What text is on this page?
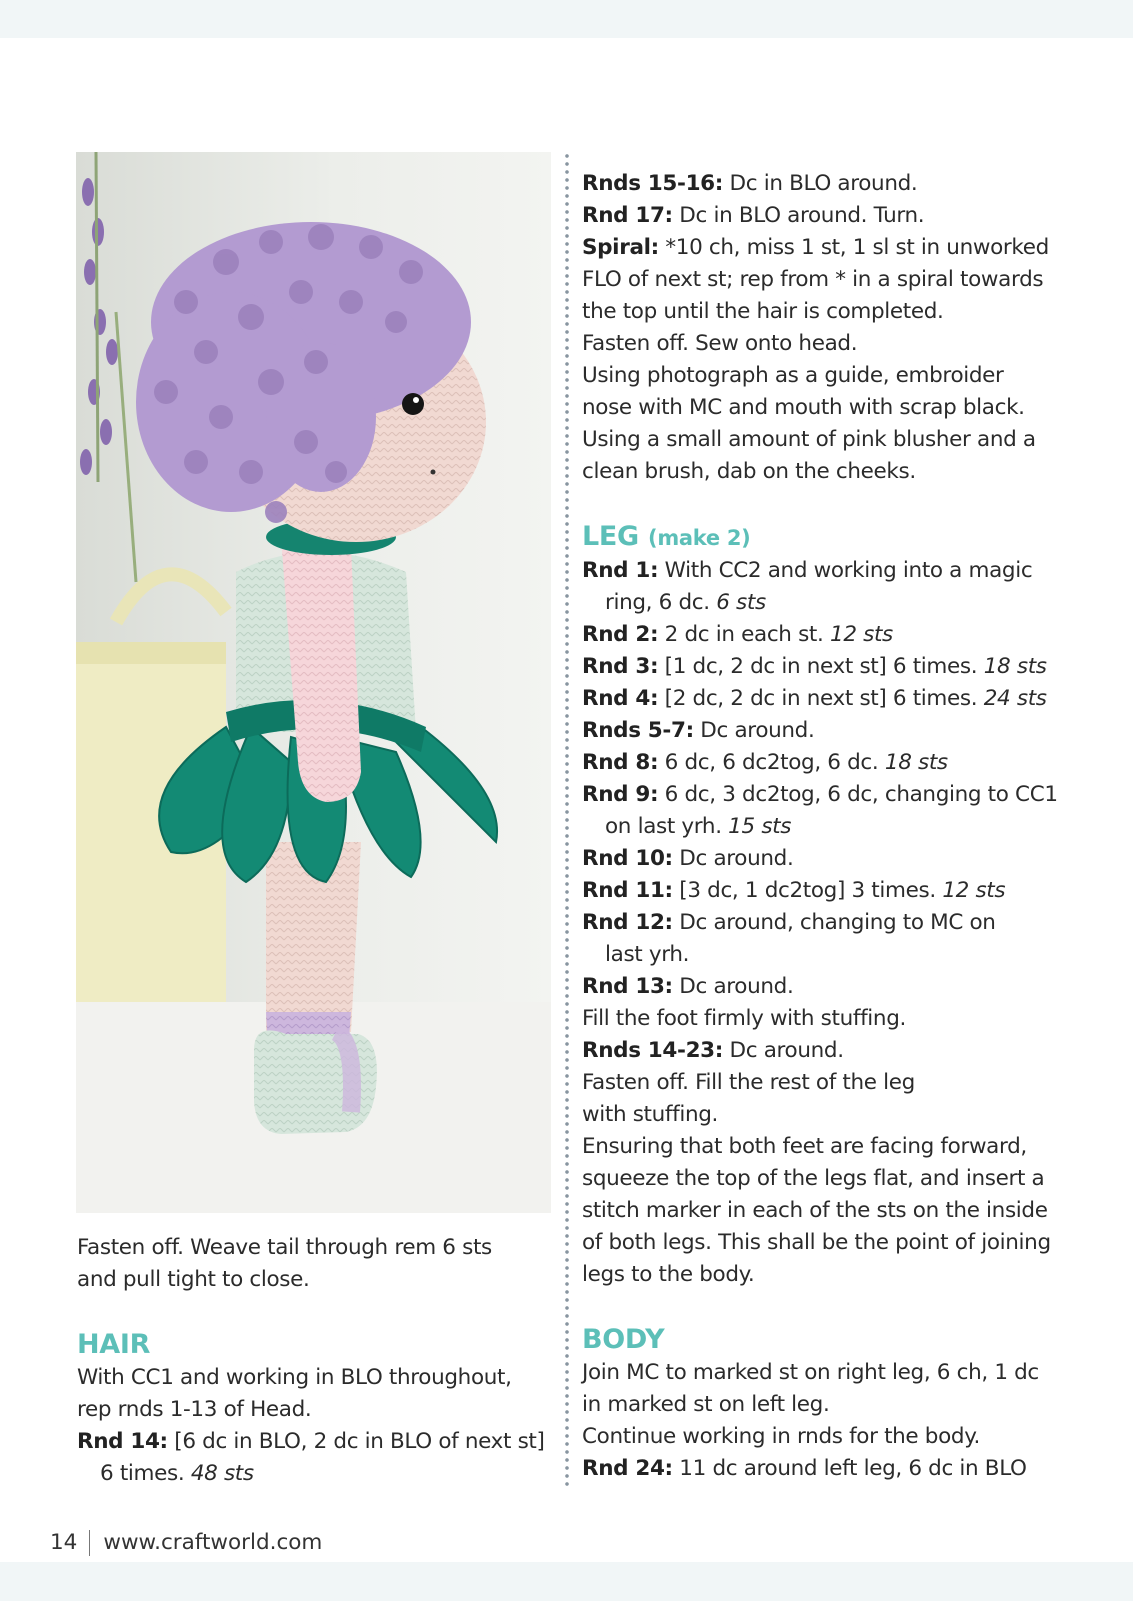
Fasten off. Weave tail through rem 6 sts

and pull tight to close.

HAIR

With CC1 and working in BLO throughout,

rep rnds 1-13 of Head.

Rnd 14: [6 dc in BLO, 2 dc in BLO of next st]

6 times. 48 sts

Rnds 15-16: Dc in BLO around.

Rnd 17: Dc in BLO around. Turn.

Spiral: *10 ch, miss 1 st, 1 sl st in unworked

FLO of next st; rep from * in a spiral towards

the top until the hair is completed.

Fasten off. Sew onto head.

Using photograph as a guide, embroider

nose with MC and mouth with scrap black.

Using a small amount of pink blusher and a

clean brush, dab on the cheeks.

LEG (make 2)

Rnd 1: With CC2 and working into a magic

ring, 6 dc. 6 sts

Rnd 2: 2 dc in each st. 12 sts

Rnd 3: [1 dc, 2 dc in next st] 6 times. 18 sts

Rnd 4: [2 dc, 2 dc in next st] 6 times. 24 sts

Rnds 5-7: Dc around.

Rnd 8: 6 dc, 6 dc2tog, 6 dc. 18 sts

Rnd 9: 6 dc, 3 dc2tog, 6 dc, changing to CC1

on last yrh. 15 sts

Rnd 10: Dc around.

Rnd 11: [3 dc, 1 dc2tog] 3 times. 12 sts

Rnd 12: Dc around, changing to MC on

last yrh.

Rnd 13: Dc around.

Fill the foot firmly with stuffing.

Rnds 14-23: Dc around.

Fasten off. Fill the rest of the leg

with stuffing.

Ensuring that both feet are facing forward,

squeeze the top of the legs flat, and insert a

stitch marker in each of the sts on the inside

of both legs. This shall be the point of joining

legs to the body.

BODY

Join MC to marked st on right leg, 6 ch, 1 dc

in marked st on left leg.

Continue working in rnds for the body.

Rnd 24: 11 dc around left leg, 6 dc in BLO

14 www.craftworld.com
